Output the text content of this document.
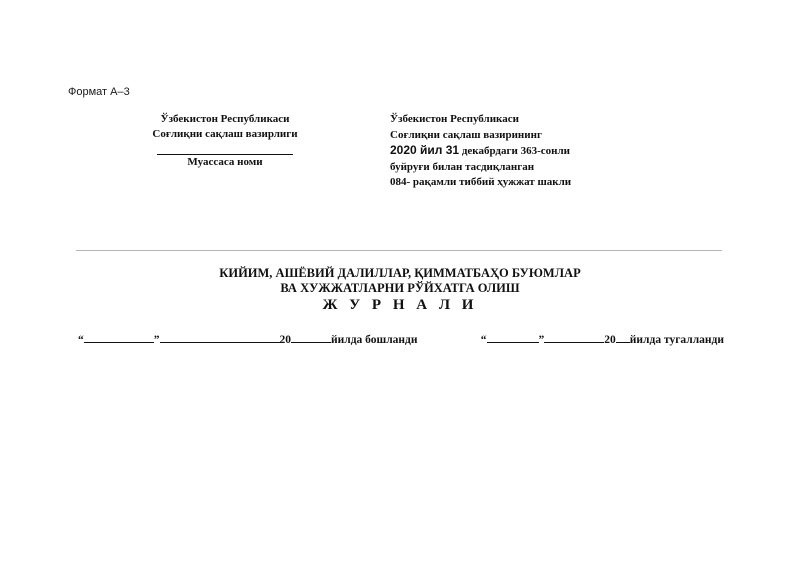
Формат А–3
Ўзбекистон Республикаси
Соғлиқни сақлаш вазирлиги
Муассаса номи
Ўзбекистон Республикаси
Соғлиқни сақлаш вазирининг
2020 йил 31 декабрдаги 363-сонли
буйруғи билан тасдиқланган
084- рақамли тиббий ҳужжат шакли
КИЙИМ, АШЁВИЙ ДАЛИЛЛАР, ҚИММАТБАҲО БУЮМЛАР
ВА ХУЖЖАТЛАРНИ РЎЙХАТГА ОЛИШ
Ж У Р Н А Л И
“	”	20	йилда бошланди	“	”	20 йилда тугалланди
